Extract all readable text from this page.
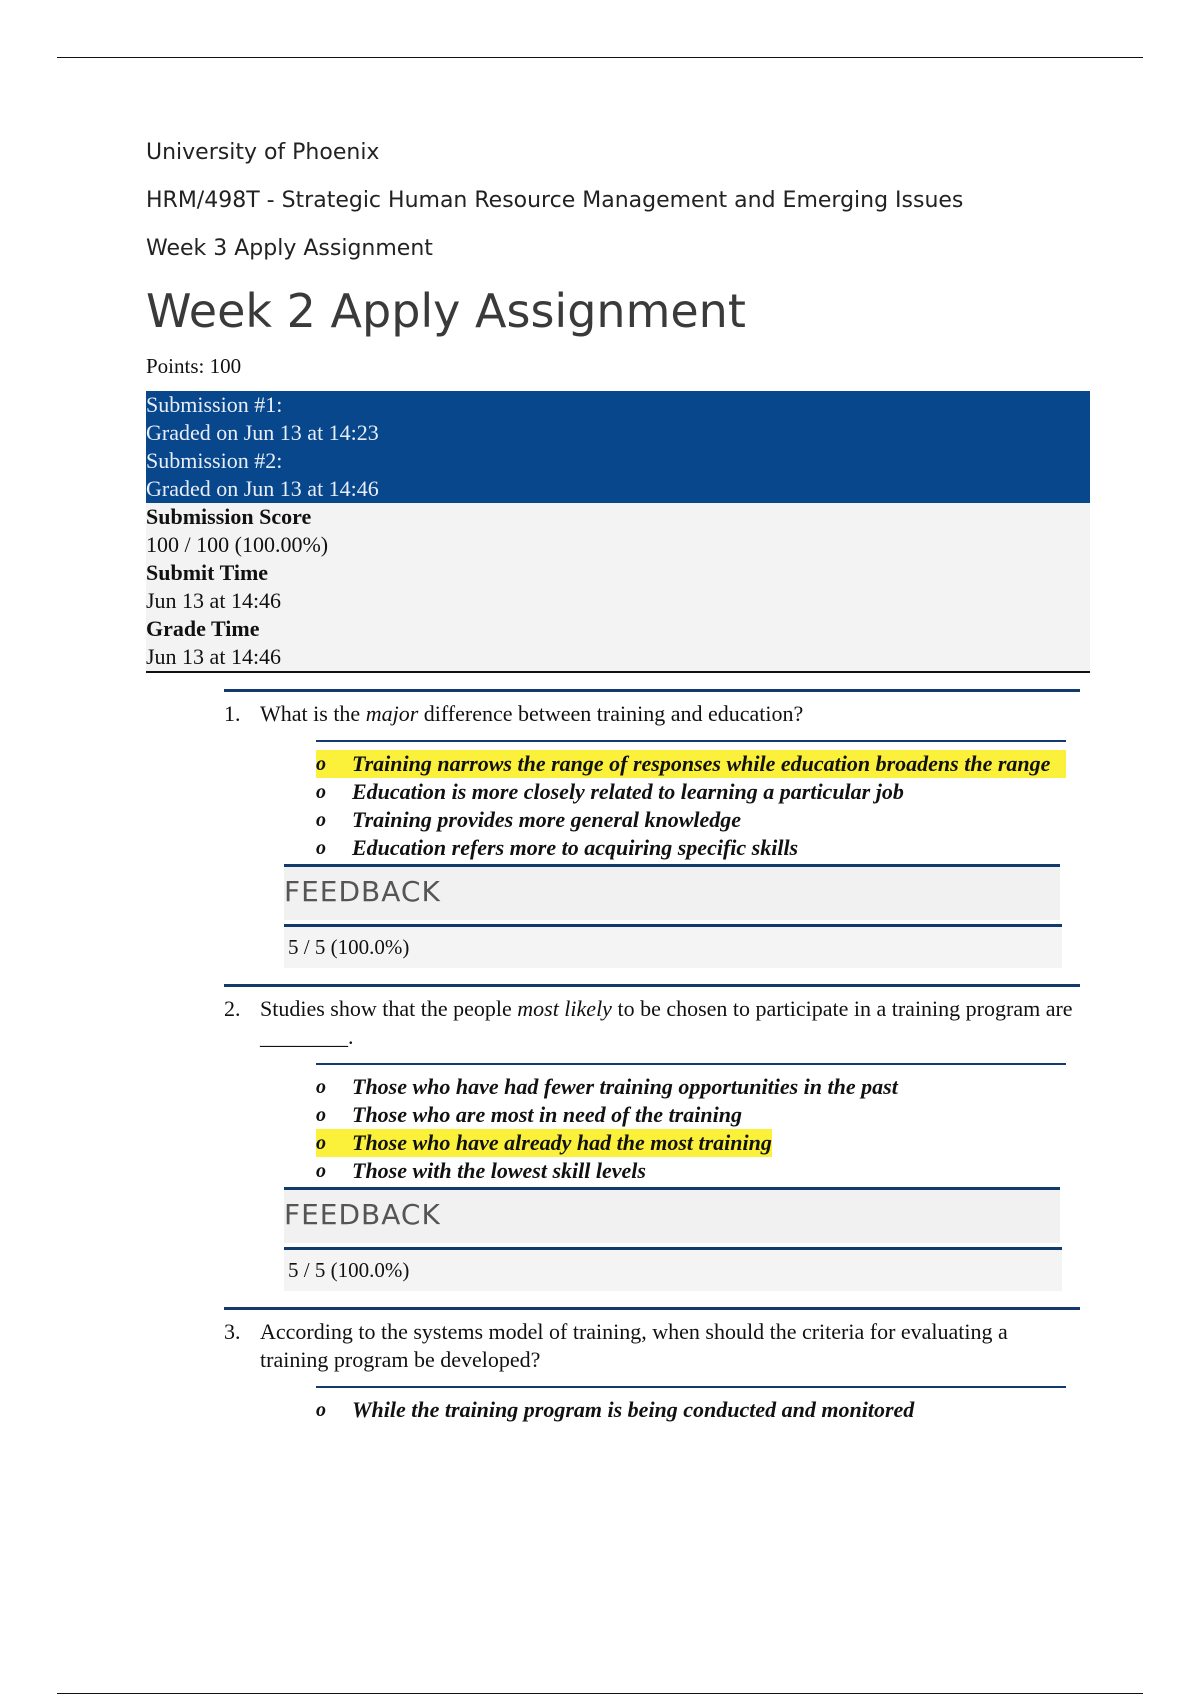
University of Phoenix
HRM/498T - Strategic Human Resource Management and Emerging Issues
Week 3 Apply Assignment
Week 2 Apply Assignment
Points: 100
Submission #1:
Graded on Jun 13 at 14:23
Submission #2:
Graded on Jun 13 at 14:46
Submission Score
100 / 100 (100.00%)
Submit Time
Jun 13 at 14:46
Grade Time
Jun 13 at 14:46
1. What is the major difference between training and education?
o	Training narrows the range of responses while education broadens the range
o	Education is more closely related to learning a particular job
o	Training provides more general knowledge
o	Education refers more to acquiring specific skills
FEEDBACK
5 / 5 (100.0%)
2. Studies show that the people most likely to be chosen to participate in a training program are ________.
o	Those who have had fewer training opportunities in the past
o	Those who are most in need of the training
o	Those who have already had the most training
o	Those with the lowest skill levels
FEEDBACK
5 / 5 (100.0%)
3. According to the systems model of training, when should the criteria for evaluating a training program be developed?
o	While the training program is being conducted and monitored
